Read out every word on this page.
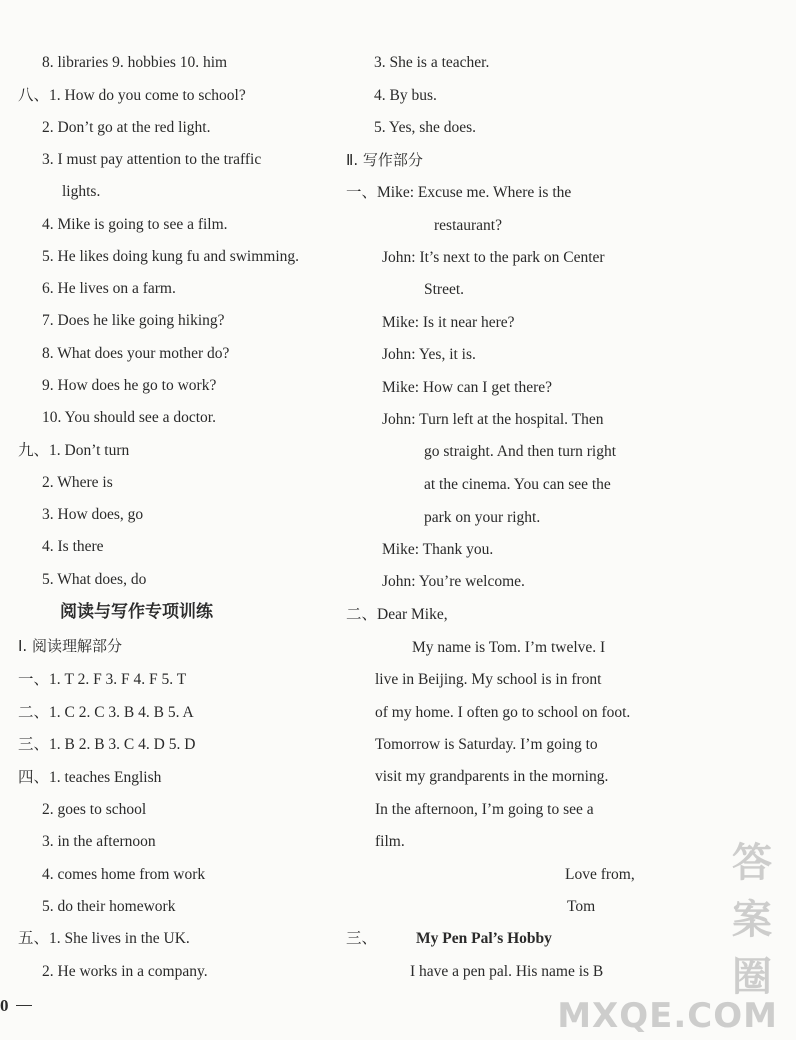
8. libraries 9. hobbies 10. him
八、1. How do you come to school?
2. Don’t go at the red light.
3. I must pay attention to the traffic
lights.
4. Mike is going to see a film.
5. He likes doing kung fu and swimming.
6. He lives on a farm.
7. Does he like going hiking?
8. What does your mother do?
9. How does he go to work?
10. You should see a doctor.
九、1. Don’t turn
2. Where is
3. How does, go
4. Is there
5. What does, do
阅读与写作专项训练
Ⅰ. 阅读理解部分
一、1. T 2. F 3. F 4. F 5. T
二、1. C 2. C 3. B 4. B 5. A
三、1. B 2. B 3. C 4. D 5. D
四、1. teaches English
2. goes to school
3. in the afternoon
4. comes home from work
5. do their homework
五、1. She lives in the UK.
2. He works in a company.
3. She is a teacher.
4. By bus.
5. Yes, she does.
Ⅱ. 写作部分
一、Mike: Excuse me. Where is the
restaurant?
John: It’s next to the park on Center
Street.
Mike: Is it near here?
John: Yes, it is.
Mike: How can I get there?
John: Turn left at the hospital. Then
go straight. And then turn right
at the cinema. You can see the
park on your right.
Mike: Thank you.
John: You’re welcome.
二、Dear Mike,
My name is Tom. I’m twelve. I
live in Beijing. My school is in front
of my home. I often go to school on foot.
Tomorrow is Saturday. I’m going to
visit my grandparents in the morning.
In the afternoon, I’m going to see a
film.
Love from,
Tom
三、	My Pen Pal’s Hobby
I have a pen pal. His name is B
0
答案圈
MXQE.COM
